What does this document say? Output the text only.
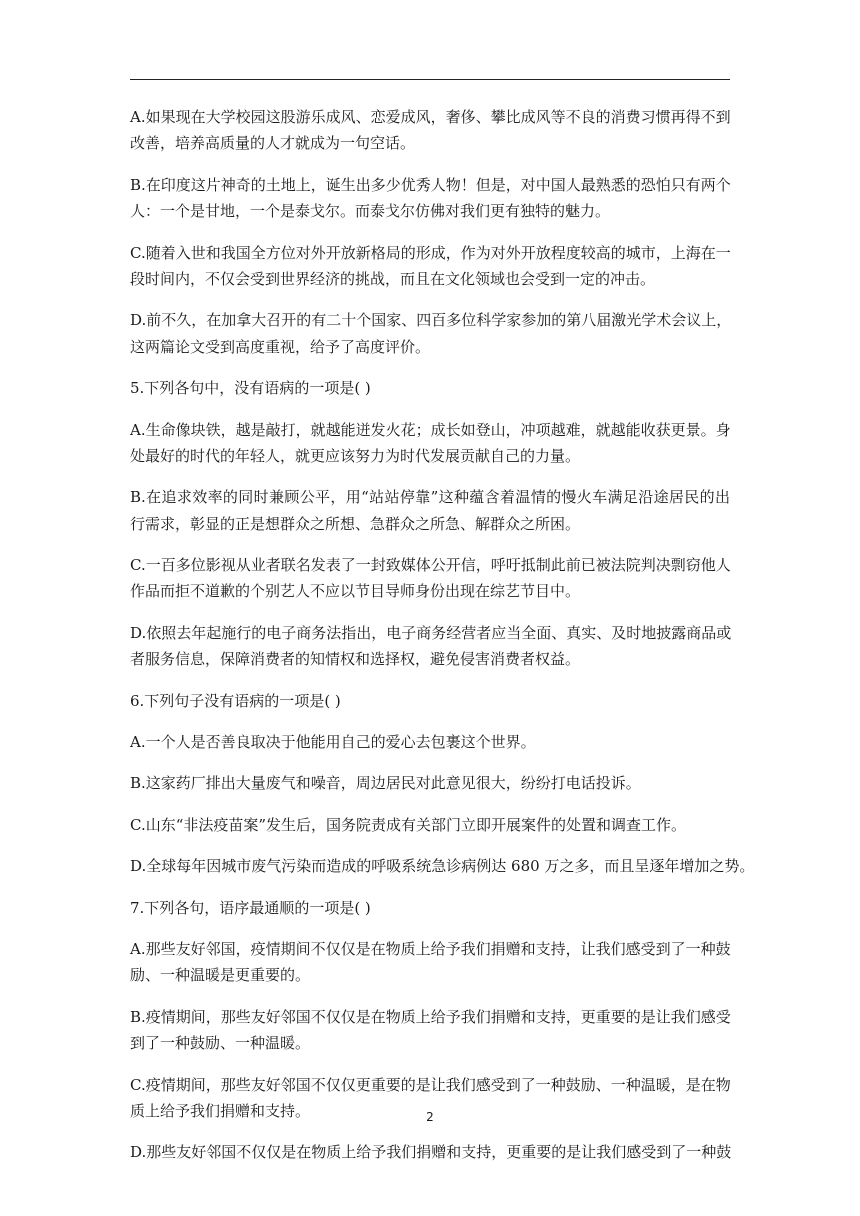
A.如果现在大学校园这股游乐成风、恋爱成风，奢侈、攀比成风等不良的消费习惯再得不到
改善，培养高质量的人才就成为一句空话。
B.在印度这片神奇的土地上，诞生出多少优秀人物！但是，对中国人最熟悉的恐怕只有两个
人：一个是甘地，一个是泰戈尔。而泰戈尔仿佛对我们更有独特的魅力。
C.随着入世和我国全方位对外开放新格局的形成，作为对外开放程度较高的城市，上海在一
段时间内，不仅会受到世界经济的挑战，而且在文化领域也会受到一定的冲击。
D.前不久，在加拿大召开的有二十个国家、四百多位科学家参加的第八届激光学术会议上，
这两篇论文受到高度重视，给予了高度评价。
5.下列各句中，没有语病的一项是( )
A.生命像块铁，越是敲打，就越能迸发火花；成长如登山，冲项越难，就越能收获更景。身
处最好的时代的年轻人，就更应该努力为时代发展贡献自己的力量。
B.在追求效率的同时兼顾公平，用“站站停靠”这种蕴含着温情的慢火车满足沿途居民的出
行需求，彰显的正是想群众之所想、急群众之所急、解群众之所困。
C.一百多位影视从业者联名发表了一封致媒体公开信，呼吁抵制此前已被法院判决剽窃他人
作品而拒不道歉的个别艺人不应以节目导师身份出现在综艺节目中。
D.依照去年起施行的电子商务法指出，电子商务经营者应当全面、真实、及时地披露商品或
者服务信息，保障消费者的知情权和选择权，避免侵害消费者权益。
6.下列句子没有语病的一项是( )
A.一个人是否善良取决于他能用自己的爱心去包裹这个世界。
B.这家药厂排出大量废气和噪音，周边居民对此意见很大，纷纷打电话投诉。
C.山东“非法疫苗案”发生后，国务院责成有关部门立即开展案件的处置和调查工作。
D.全球每年因城市废气污染而造成的呼吸系统急诊病例达 680 万之多，而且呈逐年增加之势。
7.下列各句，语序最通顺的一项是( )
A.那些友好邻国，疫情期间不仅仅是在物质上给予我们捐赠和支持，让我们感受到了一种鼓
励、一种温暖是更重要的。
B.疫情期间，那些友好邻国不仅仅是在物质上给予我们捐赠和支持，更重要的是让我们感受
到了一种鼓励、一种温暖。
C.疫情期间，那些友好邻国不仅仅更重要的是让我们感受到了一种鼓励、一种温暖，是在物
质上给予我们捐赠和支持。
D.那些友好邻国不仅仅是在物质上给予我们捐赠和支持，更重要的是让我们感受到了一种鼓
2
